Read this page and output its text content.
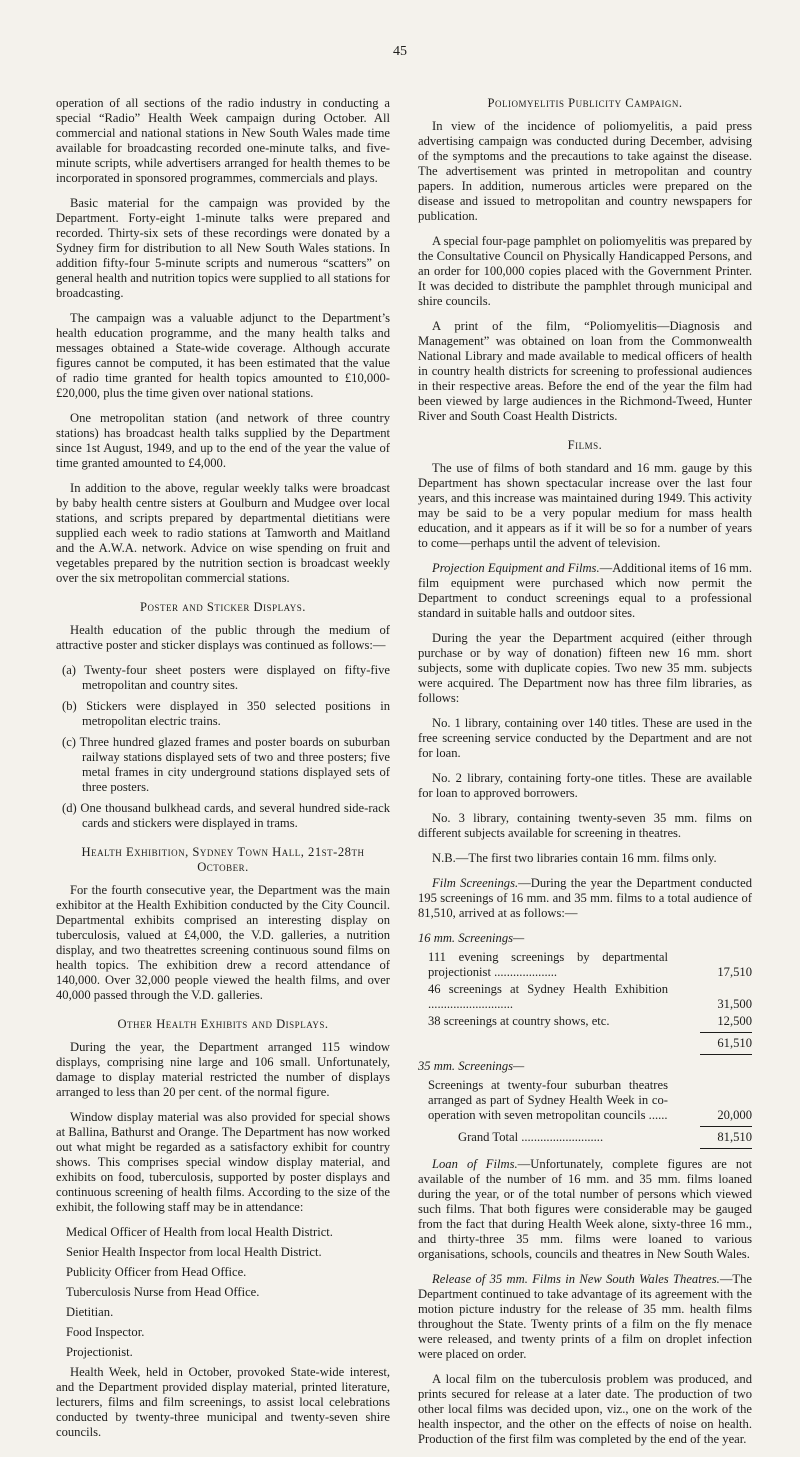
45

operation of all sections of the radio industry in conducting a special “Radio” Health Week campaign during October. All commercial and national stations in New South Wales made time available for broadcasting recorded one-minute talks, and five-minute scripts, while advertisers arranged for health themes to be incorporated in sponsored programmes, commercials and plays.

Basic material for the campaign was provided by the Department. Forty-eight 1-minute talks were prepared and recorded. Thirty-six sets of these recordings were donated by a Sydney firm for distribution to all New South Wales stations. In addition fifty-four 5-minute scripts and numerous “scatters” on general health and nutrition topics were supplied to all stations for broadcasting.

The campaign was a valuable adjunct to the Department’s health education programme, and the many health talks and messages obtained a State-wide coverage. Although accurate figures cannot be computed, it has been estimated that the value of radio time granted for health topics amounted to £10,000-£20,000, plus the time given over national stations.

One metropolitan station (and network of three country stations) has broadcast health talks supplied by the Department since 1st August, 1949, and up to the end of the year the value of time granted amounted to £4,000.

In addition to the above, regular weekly talks were broadcast by baby health centre sisters at Goulburn and Mudgee over local stations, and scripts prepared by departmental dietitians were supplied each week to radio stations at Tamworth and Maitland and the A.W.A. network. Advice on wise spending on fruit and vegetables prepared by the nutrition section is broadcast weekly over the six metropolitan commercial stations.

Poster and Sticker Displays.

Health education of the public through the medium of attractive poster and sticker displays was continued as follows:—

(a) Twenty-four sheet posters were displayed on fifty-five metropolitan and country sites.
(b) Stickers were displayed in 350 selected positions in metropolitan electric trains.
(c) Three hundred glazed frames and poster boards on suburban railway stations displayed sets of two and three posters; five metal frames in city underground stations displayed sets of three posters.
(d) One thousand bulkhead cards, and several hundred side-rack cards and stickers were displayed in trams.
Health Exhibition, Sydney Town Hall, 21st-28th October.

For the fourth consecutive year, the Department was the main exhibitor at the Health Exhibition conducted by the City Council. Departmental exhibits comprised an interesting display on tuberculosis, valued at £4,000, the V.D. galleries, a nutrition display, and two theatrettes screening continuous sound films on health topics. The exhibition drew a record attendance of 140,000. Over 32,000 people viewed the health films, and over 40,000 passed through the V.D. galleries.

Other Health Exhibits and Displays.

During the year, the Department arranged 115 window displays, comprising nine large and 106 small. Unfortunately, damage to display material restricted the number of displays arranged to less than 20 per cent. of the normal figure.

Window display material was also provided for special shows at Ballina, Bathurst and Orange. The Department has now worked out what might be regarded as a satisfactory exhibit for country shows. This comprises special window display material, and exhibits on food, tuberculosis, supported by poster displays and continuous screening of health films. According to the size of the exhibit, the following staff may be in attendance:

Medical Officer of Health from local Health District.
Senior Health Inspector from local Health District.
Publicity Officer from Head Office.
Tuberculosis Nurse from Head Office.
Dietitian.
Food Inspector.
Projectionist.

Health Week, held in October, provoked State-wide interest, and the Department provided display material, printed literature, lecturers, films and film screenings, to assist local celebrations conducted by twenty-three municipal and twenty-seven shire councils.

Poliomyelitis Publicity Campaign.

In view of the incidence of poliomyelitis, a paid press advertising campaign was conducted during December, advising of the symptoms and the precautions to take against the disease. The advertisement was printed in metropolitan and country papers. In addition, numerous articles were prepared on the disease and issued to metropolitan and country newspapers for publication.

A special four-page pamphlet on poliomyelitis was prepared by the Consultative Council on Physically Handicapped Persons, and an order for 100,000 copies placed with the Government Printer. It was decided to distribute the pamphlet through municipal and shire councils.

A print of the film, “Poliomyelitis—Diagnosis and Management” was obtained on loan from the Commonwealth National Library and made available to medical officers of health in country health districts for screening to professional audiences in their respective areas. Before the end of the year the film had been viewed by large audiences in the Richmond-Tweed, Hunter River and South Coast Health Districts.

Films.

The use of films of both standard and 16 mm. gauge by this Department has shown spectacular increase over the last four years, and this increase was maintained during 1949. This activity may be said to be a very popular medium for mass health education, and it appears as if it will be so for a number of years to come—perhaps until the advent of television.

Projection Equipment and Films.—Additional items of 16 mm. film equipment were purchased which now permit the Department to conduct screenings equal to a professional standard in suitable halls and outdoor sites.

During the year the Department acquired (either through purchase or by way of donation) fifteen new 16 mm. short subjects, some with duplicate copies. Two new 35 mm. subjects were acquired. The Department now has three film libraries, as follows:

No. 1 library, containing over 140 titles. These are used in the free screening service conducted by the Department and are not for loan.

No. 2 library, containing forty-one titles. These are available for loan to approved borrowers.

No. 3 library, containing twenty-seven 35 mm. films on different subjects available for screening in theatres.

N.B.—The first two libraries contain 16 mm. films only.

Film Screenings.—During the year the Department conducted 195 screenings of 16 mm. and 35 mm. films to a total audience of 81,510, arrived at as follows:—

16 mm. Screenings—
111 evening screenings by departmental projectionist ....................	17,510
46 screenings at Sydney Health Exhibition ...........................	31,500
38 screenings at country shows, etc.	12,500
61,510
35 mm. Screenings—
Screenings at twenty-four suburban theatres arranged as part of Sydney Health Week in co-operation with seven metropolitan councils ......	20,000
Grand Total ..........................	81,510

Loan of Films.—Unfortunately, complete figures are not available of the number of 16 mm. and 35 mm. films loaned during the year, or of the total number of persons which viewed such films. That both figures were considerable may be gauged from the fact that during Health Week alone, sixty-three 16 mm., and thirty-three 35 mm. films were loaned to various organisations, schools, councils and theatres in New South Wales.

Release of 35 mm. Films in New South Wales Theatres.—The Department continued to take advantage of its agreement with the motion picture industry for the release of 35 mm. health films throughout the State. Twenty prints of a film on the fly menace were released, and twenty prints of a film on droplet infection were placed on order.

A local film on the tuberculosis problem was produced, and prints secured for release at a later date. The production of two other local films was decided upon, viz., one on the work of the health inspector, and the other on the effects of noise on health. Production of the first film was completed by the end of the year.
